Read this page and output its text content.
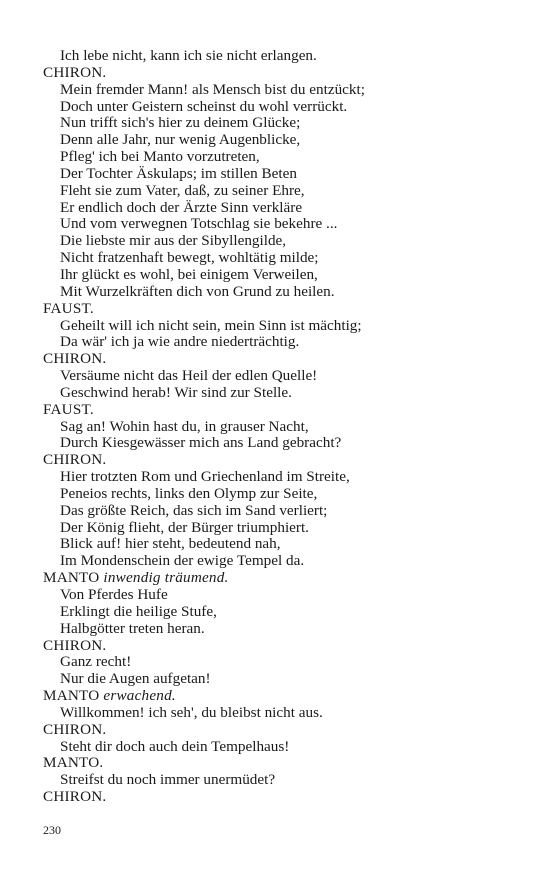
Ich lebe nicht, kann ich sie nicht erlangen.
CHIRON.
Mein fremder Mann! als Mensch bist du entzückt;
Doch unter Geistern scheinst du wohl verrückt.
Nun trifft sich's hier zu deinem Glücke;
Denn alle Jahr, nur wenig Augenblicke,
Pfleg' ich bei Manto vorzutreten,
Der Tochter Äskulaps; im stillen Beten
Fleht sie zum Vater, daß, zu seiner Ehre,
Er endlich doch der Ärzte Sinn verkläre
Und vom verwegnen Totschlag sie bekehre ...
Die liebste mir aus der Sibyllengilde,
Nicht fratzenhaft bewegt, wohltätig milde;
Ihr glückt es wohl, bei einigem Verweilen,
Mit Wurzelkräften dich von Grund zu heilen.
FAUST.
Geheilt will ich nicht sein, mein Sinn ist mächtig;
Da wär' ich ja wie andre niederträchtig.
CHIRON.
Versäume nicht das Heil der edlen Quelle!
Geschwind herab! Wir sind zur Stelle.
FAUST.
Sag an! Wohin hast du, in grauser Nacht,
Durch Kiesgewässer mich ans Land gebracht?
CHIRON.
Hier trotzten Rom und Griechenland im Streite,
Peneios rechts, links den Olymp zur Seite,
Das größte Reich, das sich im Sand verliert;
Der König flieht, der Bürger triumphiert.
Blick auf! hier steht, bedeutend nah,
Im Mondenschein der ewige Tempel da.
MANTO inwendig träumend.
Von Pferdes Hufe
Erklingt die heilige Stufe,
Halbgötter treten heran.
CHIRON.
Ganz recht!
Nur die Augen aufgetan!
MANTO erwachend.
Willkommen! ich seh', du bleibst nicht aus.
CHIRON.
Steht dir doch auch dein Tempelhaus!
MANTO.
Streifst du noch immer unermüdet?
CHIRON.
230
